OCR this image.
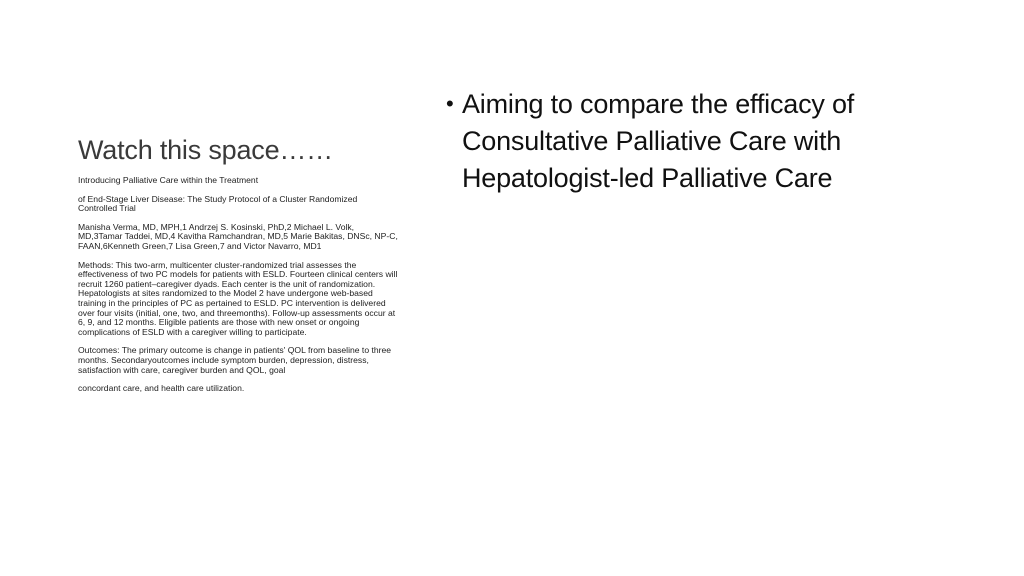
Watch this space……

Introducing Palliative Care within the Treatment

of End-Stage Liver Disease: The Study Protocol of a Cluster Randomized Controlled Trial

Manisha Verma, MD, MPH,1 Andrzej S. Kosinski, PhD,2 Michael L. Volk, MD,3Tamar Taddei, MD,4 Kavitha Ramchandran, MD,5 Marie Bakitas, DNSc, NP-C, FAAN,6Kenneth Green,7 Lisa Green,7 and Victor Navarro, MD1

Methods: This two-arm, multicenter cluster-randomized trial assesses the effectiveness of two PC models for patients with ESLD. Fourteen clinical centers will recruit 1260 patient–caregiver dyads. Each center is the unit of randomization. Hepatologists at sites randomized to the Model 2 have undergone web-based training in the principles of PC as pertained to ESLD. PC intervention is delivered over four visits (initial, one, two, and threemonths). Follow-up assessments occur at 6, 9, and 12 months. Eligible patients are those with new onset or ongoing complications of ESLD with a caregiver willing to participate.

Outcomes: The primary outcome is change in patients' QOL from baseline to three months. Secondaryoutcomes include symptom burden, depression, distress, satisfaction with care, caregiver burden and QOL, goal

concordant care, and health care utilization.

• Aiming to compare the efficacy of Consultative Palliative Care with Hepatologist-led Palliative Care
